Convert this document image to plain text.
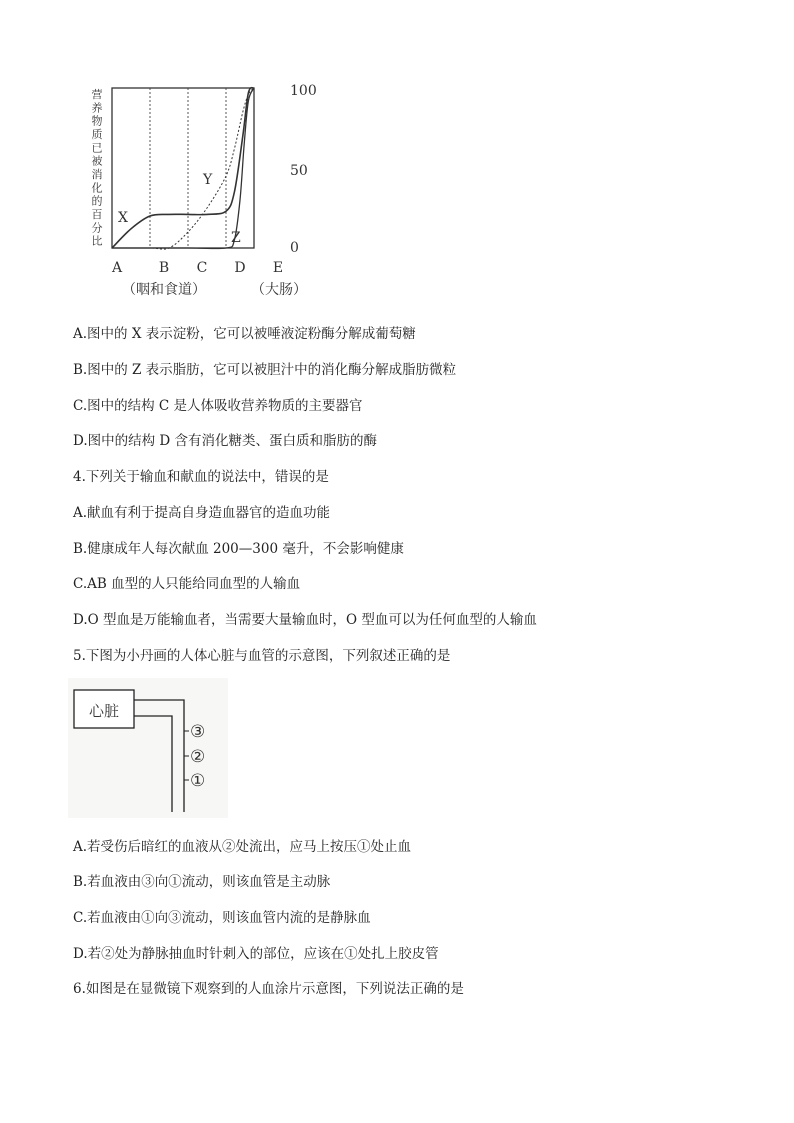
营
养
物
质
已
被
消
化
的
百
分
比
X
Y
Z
100
50
0
A	B C D E
（咽和食道）	（大肠）

A.图中的 X 表示淀粉，它可以被唾液淀粉酶分解成葡萄糖

B.图中的 Z 表示脂肪，它可以被胆汁中的消化酶分解成脂肪微粒

C.图中的结构 C 是人体吸收营养物质的主要器官

D.图中的结构 D 含有消化糖类、蛋白质和脂肪的酶

4.下列关于输血和献血的说法中，错误的是

A.献血有利于提高自身造血器官的造血功能

B.健康成年人每次献血 200—300 毫升，不会影响健康

C.AB 血型的人只能给同血型的人输血

D.O 型血是万能输血者，当需要大量输血时，O 型血可以为任何血型的人输血

5.下图为小丹画的人体心脏与血管的示意图，下列叙述正确的是

心脏
③
②
①

A.若受伤后暗红的血液从②处流出，应马上按压①处止血

B.若血液由③向①流动，则该血管是主动脉

C.若血液由①向③流动，则该血管内流的是静脉血

D.若②处为静脉抽血时针刺入的部位，应该在①处扎上胶皮管

6.如图是在显微镜下观察到的人血涂片示意图，下列说法正确的是
